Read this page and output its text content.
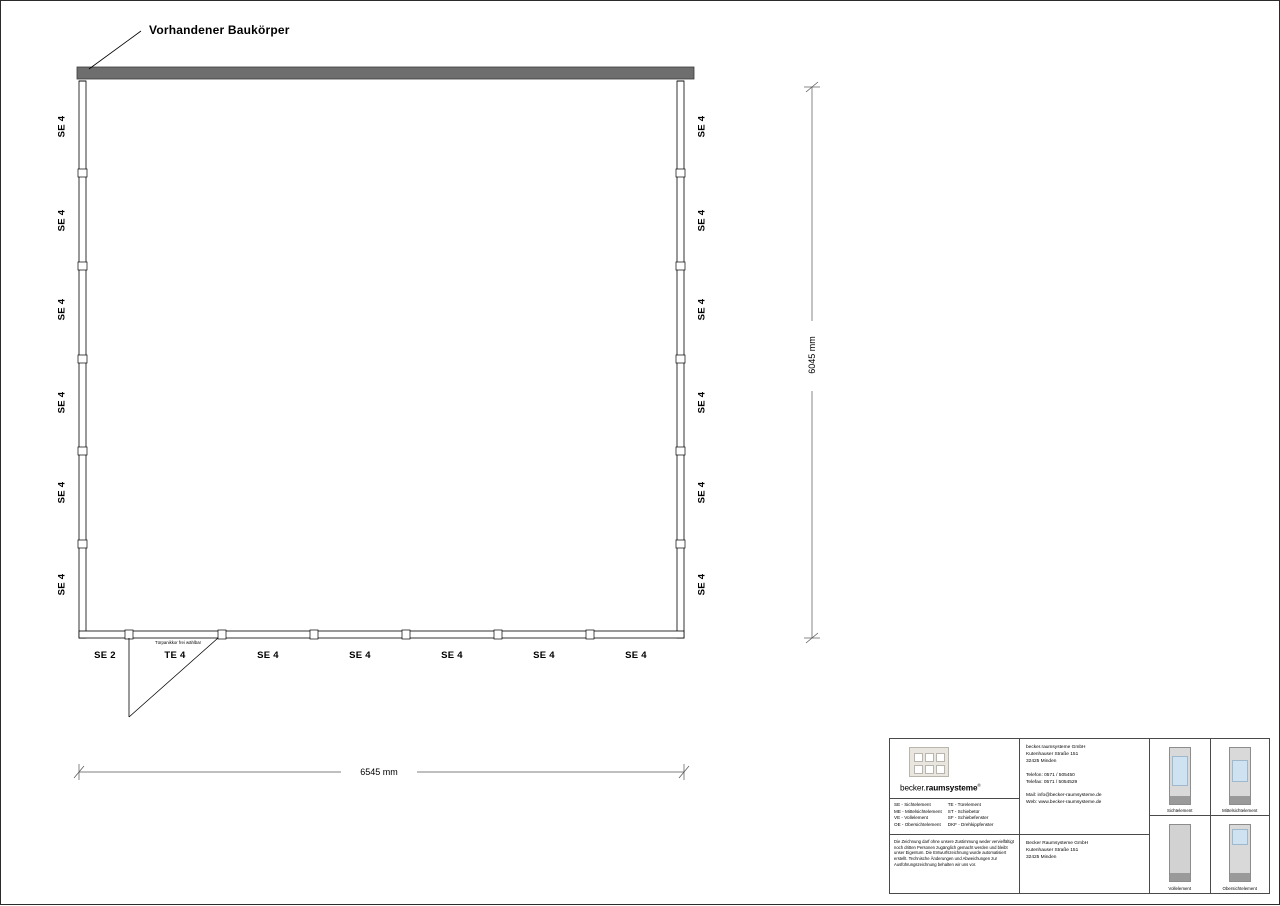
Vorhandener Baukörper
SE 4
SE 4
SE 4
SE 4
SE 4
SE 4
SE 4
SE 4
SE 4
SE 4
SE 4
SE 4
SE 2	TE 4	SE 4	SE 4	SE 4	SE 4	SE 4
Türpanikkor frei wählbar
6545 mm
6045 mm
becker.raumsysteme®
SE - Sichtelement
ME - Mittelsichtelement
VE - Vollelement
OE - Obersichtelement
TE - Türelement
ST - Schiebetür
SF - Schiebefenster
DKF - Drehkippfenster
Die Zeichnung darf ohne unsere Zustimmung weder vervielfältigt noch dritten Personen zugänglich gemacht werden und bleibt unser Eigentum. Die Entwurfszeichnung wurde automatisiert erstellt. Technische Änderungen und Abweichungen zur Ausführungszeichnung behalten wir uns vor.
becker.raumsysteme GmbH
Kutenhauser Straße 151
32425 Minden
Telefon: 0571 / 505450
Telefax: 0571 / 5054529
Mail: info@becker-raumsysteme.de
Web: www.becker-raumsysteme.de
Becker Raumsysteme GmbH
Kutenhauser Straße 151
32425 Minden
Sichtelement	Mittelsichtelement
Vollelement	Obersichtelement
